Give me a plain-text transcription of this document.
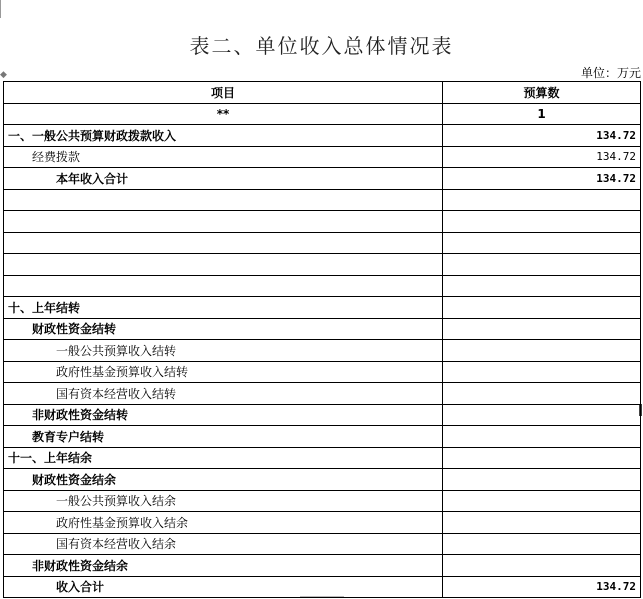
◆
表二、单位收入总体情况表
单位：万元
项目	预算数
**	1
一、一般公共预算财政拨款收入	134.72
经费拨款	134.72
本年收入合计	134.72

十、上年结转	
财政性资金结转	
一般公共预算收入结转	
政府性基金预算收入结转	
国有资本经营收入结转	
非财政性资金结转	
教育专户结转	
十一、上年结余	
财政性资金结余	
一般公共预算收入结余	
政府性基金预算收入结余	
国有资本经营收入结余	
非财政性资金结余	
收入合计	134.72
